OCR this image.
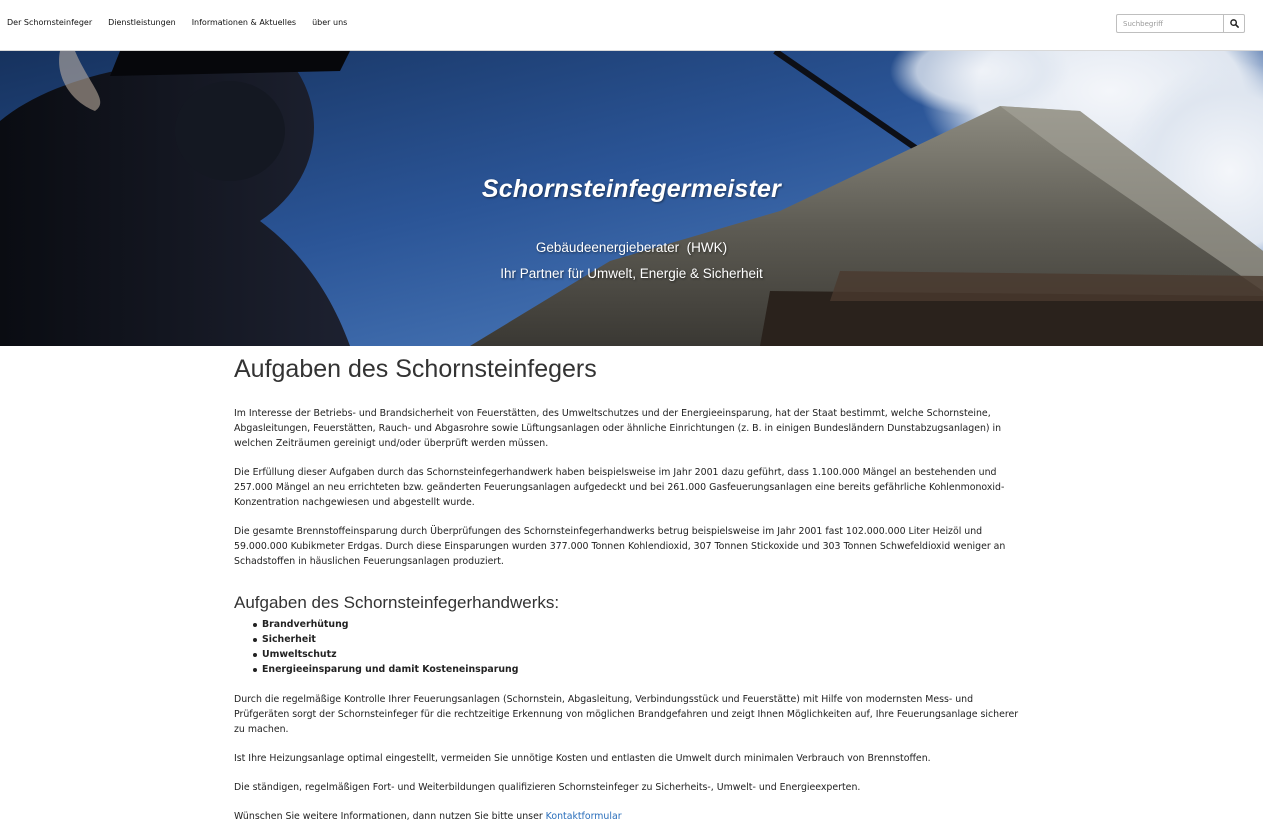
Der Schornsteinfeger Dienstleistungen Informationen & Aktuelles über uns
Suchbegriff
Schornsteinfegermeister
Gebäudeenergieberater  (HWK)
Ihr Partner für Umwelt, Energie & Sicherheit
Aufgaben des Schornsteinfegers

Im Interesse der Betriebs- und Brandsicherheit von Feuerstätten, des Umweltschutzes und der Energieeinsparung, hat der Staat bestimmt, welche Schornsteine, Abgasleitungen, Feuerstätten, Rauch- und Abgasrohre sowie Lüftungsanlagen oder ähnliche Einrichtungen (z. B. in einigen Bundesländern Dunstabzugsanlagen) in welchen Zeiträumen gereinigt und/oder überprüft werden müssen.

Die Erfüllung dieser Aufgaben durch das Schornsteinfegerhandwerk haben beispielsweise im Jahr 2001 dazu geführt, dass 1.100.000 Mängel an bestehenden und 257.000 Mängel an neu errichteten bzw. geänderten Feuerungsanlagen aufgedeckt und bei 261.000 Gasfeuerungsanlagen eine bereits gefährliche Kohlenmonoxid-Konzentration nachgewiesen und abgestellt wurde.

Die gesamte Brennstoffeinsparung durch Überprüfungen des Schornsteinfegerhandwerks betrug beispielsweise im Jahr 2001 fast 102.000.000 Liter Heizöl und 59.000.000 Kubikmeter Erdgas. Durch diese Einsparungen wurden 377.000 Tonnen Kohlendioxid, 307 Tonnen Stickoxide und 303 Tonnen Schwefeldioxid weniger an Schadstoffen in häuslichen Feuerungsanlagen produziert.

Aufgaben des Schornsteinfegerhandwerks:
Brandverhütung
Sicherheit
Umweltschutz
Energieeinsparung und damit Kosteneinsparung

Durch die regelmäßige Kontrolle Ihrer Feuerungsanlagen (Schornstein, Abgasleitung, Verbindungsstück und Feuerstätte) mit Hilfe von modernsten Mess- und Prüfgeräten sorgt der Schornsteinfeger für die rechtzeitige Erkennung von möglichen Brandgefahren und zeigt Ihnen Möglichkeiten auf, Ihre Feuerungsanlage sicherer zu machen.

Ist Ihre Heizungsanlage optimal eingestellt, vermeiden Sie unnötige Kosten und entlasten die Umwelt durch minimalen Verbrauch von Brennstoffen.

Die ständigen, regelmäßigen Fort- und Weiterbildungen qualifizieren Schornsteinfeger zu Sicherheits-, Umwelt- und Energieexperten.

Wünschen Sie weitere Informationen, dann nutzen Sie bitte unser Kontaktformular
